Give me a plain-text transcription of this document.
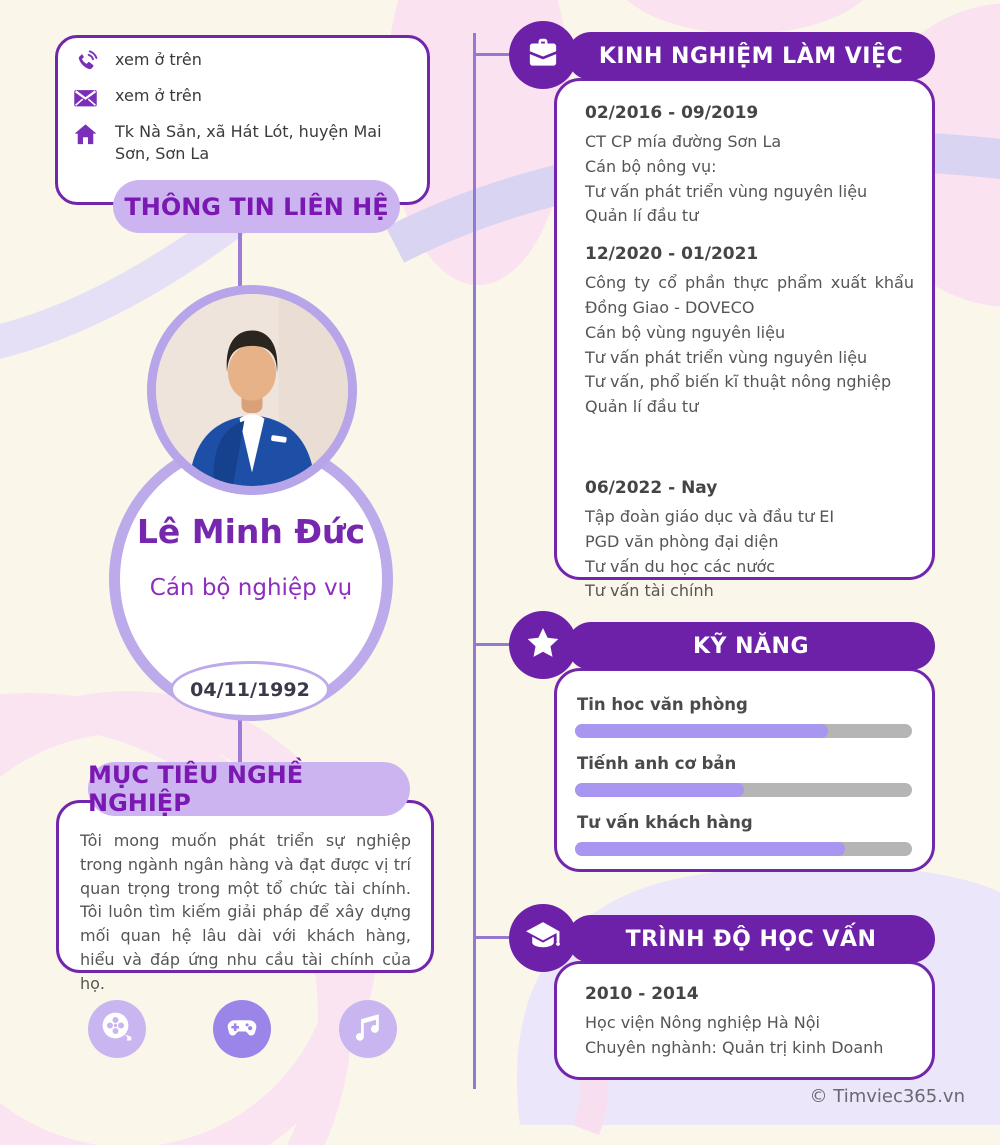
xem ở trên
xem ở trên
Tk Nà Sản, xã Hát Lót, huyện Mai Sơn, Sơn La
THÔNG TIN LIÊN HỆ
Lê Minh Đức
Cán bộ nghiệp vụ
04/11/1992
MỤC TIÊU NGHỀ NGHIỆP
Tôi mong muốn phát triển sự nghiệp trong ngành ngân hàng và đạt được vị trí quan trọng trong một tổ chức tài chính. Tôi luôn tìm kiếm giải pháp để xây dựng mối quan hệ lâu dài với khách hàng, hiểu và đáp ứng nhu cầu tài chính của họ.
KINH NGHIỆM LÀM VIỆC
02/2016 - 09/2019
CT CP mía đường Sơn La
Cán bộ nông vụ:
Tư vấn phát triển vùng nguyên liệu
Quản lí đầu tư
12/2020 - 01/2021
Công ty cổ phần thực phẩm xuất khẩu Đồng Giao - DOVECO
Cán bộ vùng nguyên liệu
Tư vấn phát triển vùng nguyên liệu
Tư vấn, phổ biến kĩ thuật nông nghiệp
Quản lí đầu tư
06/2022 - Nay
Tập đoàn giáo dục và đầu tư EI
PGD văn phòng đại diện
Tư vấn du học các nước
Tư vấn tài chính
KỸ NĂNG
Tin hoc văn phòng
Tiếnh anh cơ bản
Tư vấn khách hàng
TRÌNH ĐỘ HỌC VẤN
2010 - 2014
Học viện Nông nghiệp Hà Nội
Chuyên nghành: Quản trị kinh Doanh
© Timviec365.vn
